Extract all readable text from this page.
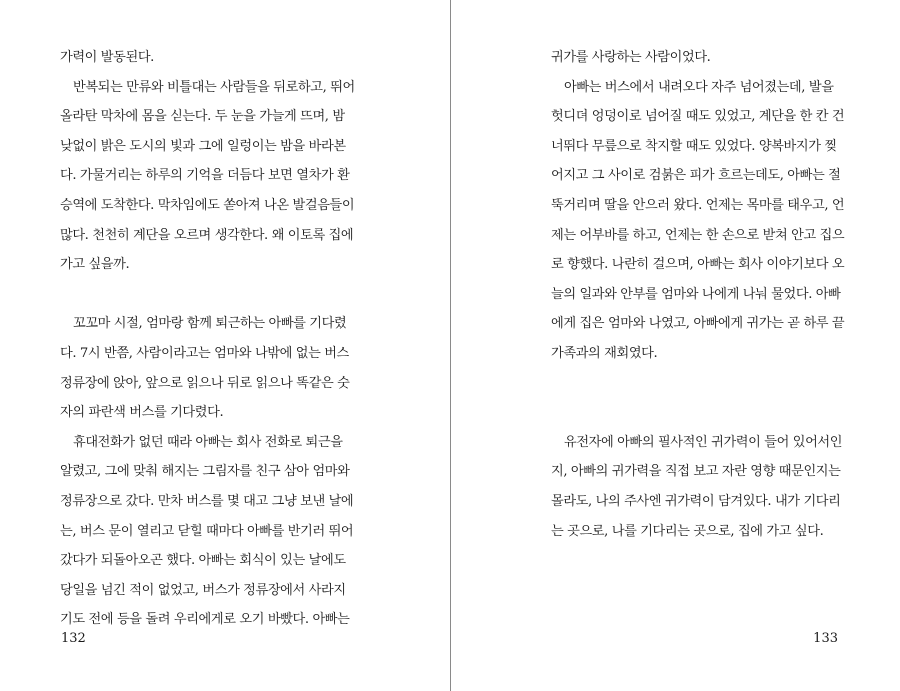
가력이 발동된다.
반복되는 만류와 비틀대는 사람들을 뒤로하고, 뛰어
올라탄 막차에 몸을 싣는다. 두 눈을 가늘게 뜨며, 밤
낮없이 밝은 도시의 빛과 그에 일렁이는 밤을 바라본
다. 가물거리는 하루의 기억을 더듬다 보면 열차가 환
승역에 도착한다. 막차임에도 쏟아져 나온 발걸음들이
많다. 천천히 계단을 오르며 생각한다. 왜 이토록 집에
가고 싶을까.
꼬꼬마 시절, 엄마랑 함께 퇴근하는 아빠를 기다렸
다. 7시 반쯤, 사람이라고는 엄마와 나밖에 없는 버스
정류장에 앉아, 앞으로 읽으나 뒤로 읽으나 똑같은 숫
자의 파란색 버스를 기다렸다.
휴대전화가 없던 때라 아빠는 회사 전화로 퇴근을
알렸고, 그에 맞춰 해지는 그림자를 친구 삼아 엄마와
정류장으로 갔다. 만차 버스를 몇 대고 그냥 보낸 날에
는, 버스 문이 열리고 닫힐 때마다 아빠를 반기러 뛰어
갔다가 되돌아오곤 했다. 아빠는 회식이 있는 날에도
당일을 넘긴 적이 없었고, 버스가 정류장에서 사라지
기도 전에 등을 돌려 우리에게로 오기 바빴다. 아빠는
132
귀가를 사랑하는 사람이었다.
아빠는 버스에서 내려오다 자주 넘어졌는데, 발을
헛디뎌 엉덩이로 넘어질 때도 있었고, 계단을 한 칸 건
너뛰다 무릎으로 착지할 때도 있었다. 양복바지가 찢
어지고 그 사이로 검붉은 피가 흐르는데도, 아빠는 절
뚝거리며 딸을 안으러 왔다. 언제는 목마를 태우고, 언
제는 어부바를 하고, 언제는 한 손으로 받쳐 안고 집으
로 향했다. 나란히 걸으며, 아빠는 회사 이야기보다 오
늘의 일과와 안부를 엄마와 나에게 나눠 물었다. 아빠
에게 집은 엄마와 나였고, 아빠에게 귀가는 곧 하루 끝
가족과의 재회였다.
유전자에 아빠의 필사적인 귀가력이 들어 있어서인
지, 아빠의 귀가력을 직접 보고 자란 영향 때문인지는
몰라도, 나의 주사엔 귀가력이 담겨있다. 내가 기다리
는 곳으로, 나를 기다리는 곳으로, 집에 가고 싶다.
133
